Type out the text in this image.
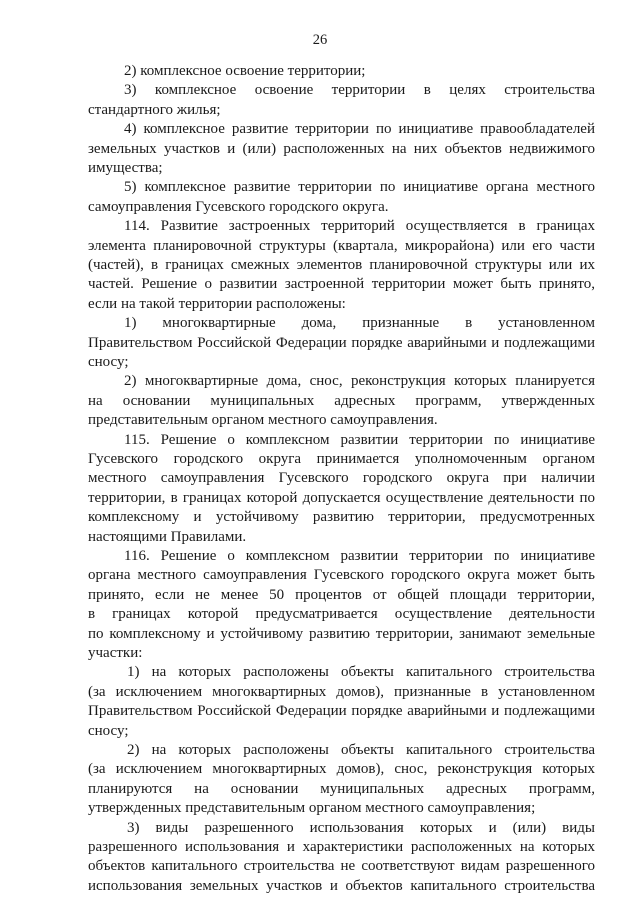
26
2) комплексное освоение территории;
3) комплексное освоение территории в целях строительства
стандартного жилья;
4) комплексное развитие территории по инициативе правообладателей
земельных участков и (или) расположенных на них объектов недвижимого
имущества;
5) комплексное развитие территории по инициативе органа местного
самоуправления Гусевского городского округа.
114. Развитие застроенных территорий осуществляется в границах
элемента планировочной структуры (квартала, микрорайона) или его части
(частей), в границах смежных элементов планировочной структуры или их
частей. Решение о развитии застроенной территории может быть принято,
если на такой территории расположены:
1) многоквартирные дома, признанные в установленном
Правительством Российской Федерации порядке аварийными и подлежащими
сносу;
2) многоквартирные дома, снос, реконструкция которых планируется
на основании муниципальных адресных программ, утвержденных
представительным органом местного самоуправления.
115. Решение о комплексном развитии территории по инициативе
Гусевского городского округа принимается уполномоченным органом
местного самоуправления Гусевского городского округа при наличии
территории, в границах которой допускается осуществление деятельности по
комплексному и устойчивому развитию территории, предусмотренных
настоящими Правилами.
116. Решение о комплексном развитии территории по инициативе
органа местного самоуправления Гусевского городского округа может быть
принято, если не менее 50 процентов от общей площади территории,
в границах которой предусматривается осуществление деятельности
по комплексному и устойчивому развитию территории, занимают земельные
участки:
1) на которых расположены объекты капитального строительства
(за исключением многоквартирных домов), признанные в установленном
Правительством Российской Федерации порядке аварийными и подлежащими
сносу;
2) на которых расположены объекты капитального строительства
(за исключением многоквартирных домов), снос, реконструкция которых
планируются на основании муниципальных адресных программ,
утвержденных представительным органом местного самоуправления;
3) виды разрешенного использования которых и (или) виды
разрешенного использования и характеристики расположенных на которых
объектов капитального строительства не соответствуют видам разрешенного
использования земельных участков и объектов капитального строительства
